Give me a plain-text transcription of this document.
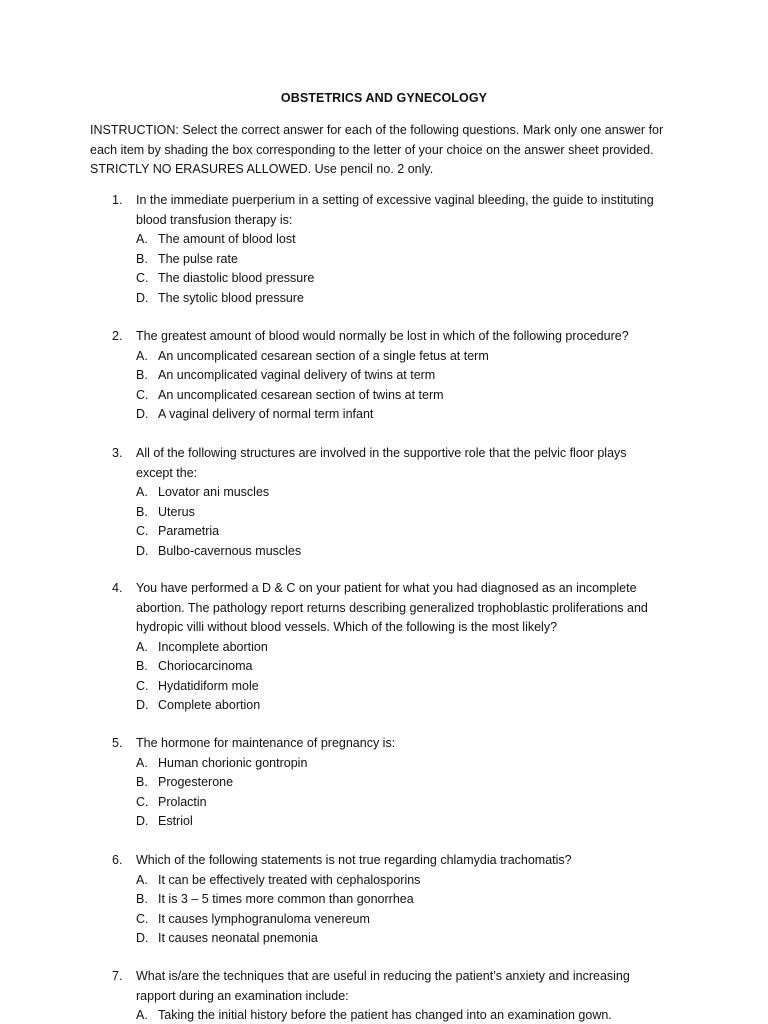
OBSTETRICS AND GYNECOLOGY
INSTRUCTION: Select the correct answer for each of the following questions. Mark only one answer for
each item by shading the box corresponding to the letter of your choice on the answer sheet provided.
STRICTLY NO ERASURES ALLOWED. Use pencil no. 2 only.
1. In the immediate puerperium in a setting of excessive vaginal bleeding, the guide to instituting
blood transfusion therapy is:
A. The amount of blood lost
B. The pulse rate
C. The diastolic blood pressure
D. The sytolic blood pressure
2. The greatest amount of blood would normally be lost in which of the following procedure?
A. An uncomplicated cesarean section of a single fetus at term
B. An uncomplicated vaginal delivery of twins at term
C. An uncomplicated cesarean section of twins at term
D. A vaginal delivery of normal term infant
3. All of the following structures are involved in the supportive role that the pelvic floor plays
except the:
A. Lovator ani muscles
B. Uterus
C. Parametria
D. Bulbo-cavernous muscles
4. You have performed a D & C on your patient for what you had diagnosed as an incomplete
abortion. The pathology report returns describing generalized trophoblastic proliferations and
hydropic villi without blood vessels. Which of the following is the most likely?
A. Incomplete abortion
B. Choriocarcinoma
C. Hydatidiform mole
D. Complete abortion
5. The hormone for maintenance of pregnancy is:
A. Human chorionic gontropin
B. Progesterone
C. Prolactin
D. Estriol
6. Which of the following statements is not true regarding chlamydia trachomatis?
A. It can be effectively treated with cephalosporins
B. It is 3 – 5 times more common than gonorrhea
C. It causes lymphogranuloma venereum
D. It causes neonatal pnemonia
7. What is/are the techniques that are useful in reducing the patient’s anxiety and increasing
rapport during an examination include:
A. Taking the initial history before the patient has changed into an examination gown.
